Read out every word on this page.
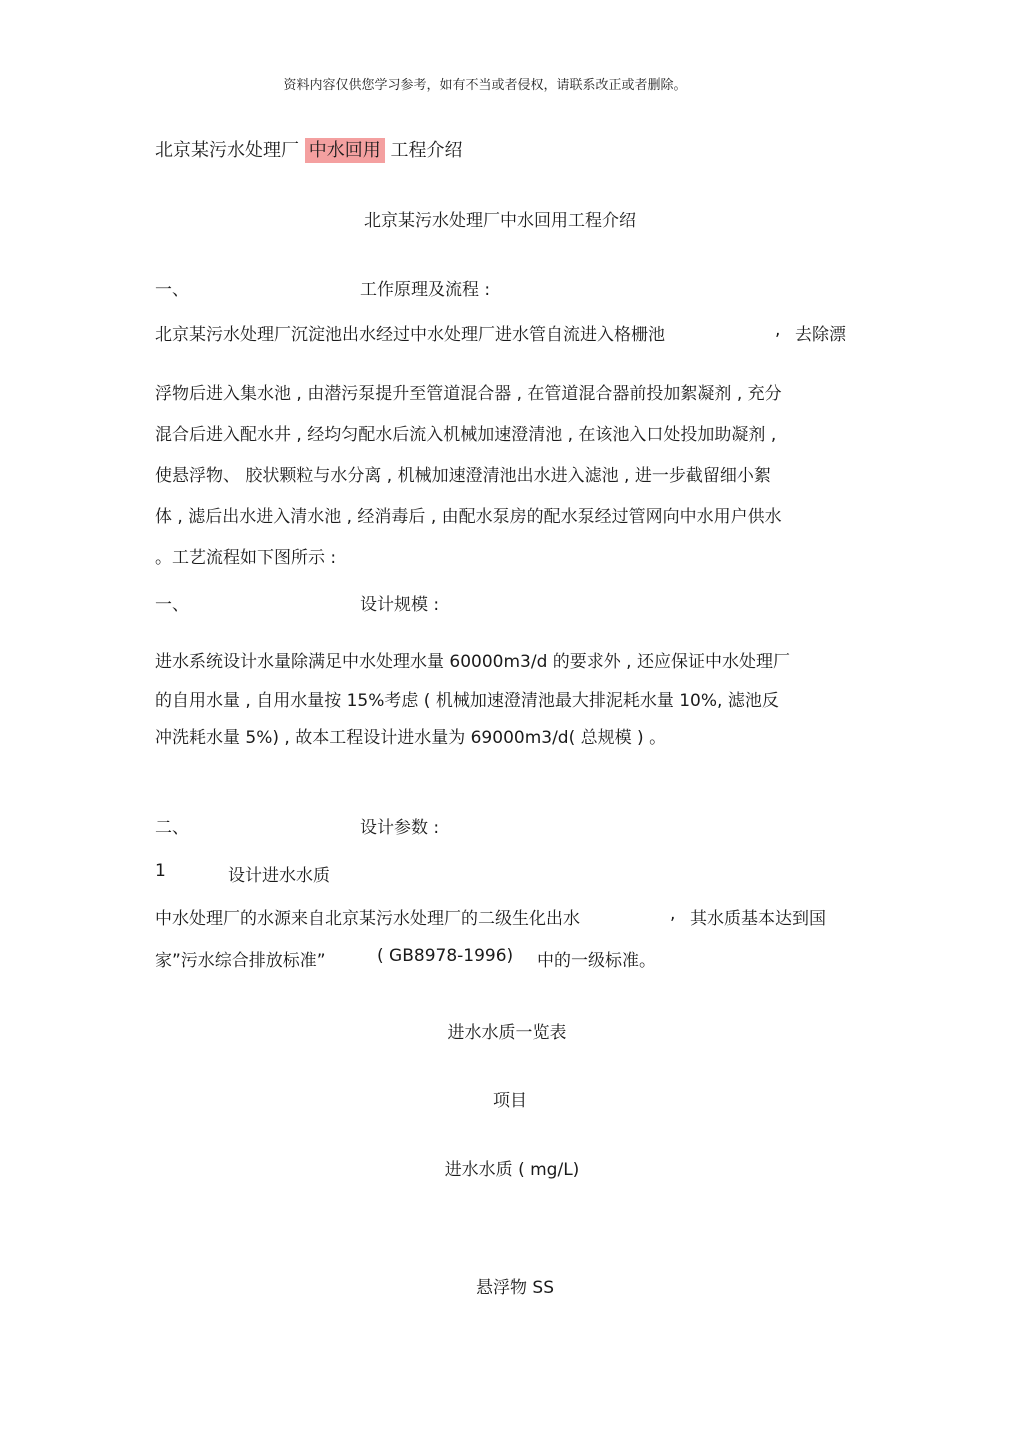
资料内容仅供您学习参考，如有不当或者侵权，请联系改正或者删除。
北京某污水处理厂 中水回用 工程介绍
北京某污水处理厂中水回用工程介绍
一、	工作原理及流程 :
北京某污水处理厂沉淀池出水经过中水处理厂进水管自流进入格栅池	, 去除漂
浮物后进入集水池 , 由潜污泵提升至管道混合器 , 在管道混合器前投加絮凝剂 , 充分
混合后进入配水井 , 经均匀配水后流入机械加速澄清池 , 在该池入口处投加助凝剂 ,
使悬浮物、 胶状颗粒与水分离 , 机械加速澄清池出水进入滤池 , 进一步截留细小絮
体 , 滤后出水进入清水池 , 经消毒后 , 由配水泵房的配水泵经过管网向中水用户供水
。工艺流程如下图所示 :
一、	设计规模 :
进水系统设计水量除满足中水处理水量 60000m3/d 的要求外 , 还应保证中水处理厂
的自用水量 , 自用水量按 15%考虑 ( 机械加速澄清池最大排泥耗水量 10%, 滤池反
冲洗耗水量 5%) , 故本工程设计进水量为 69000m3/d( 总规模 ) 。
二、	设计参数 :
1	设计进水水质
中水处理厂的水源来自北京某污水处理厂的二级生化出水	, 其水质基本达到国
家”污水综合排放标准”	( GB8978-1996) 中的一级标准。
进水水质一览表
项目
进水水质 ( mg/L)
悬浮物 SS
